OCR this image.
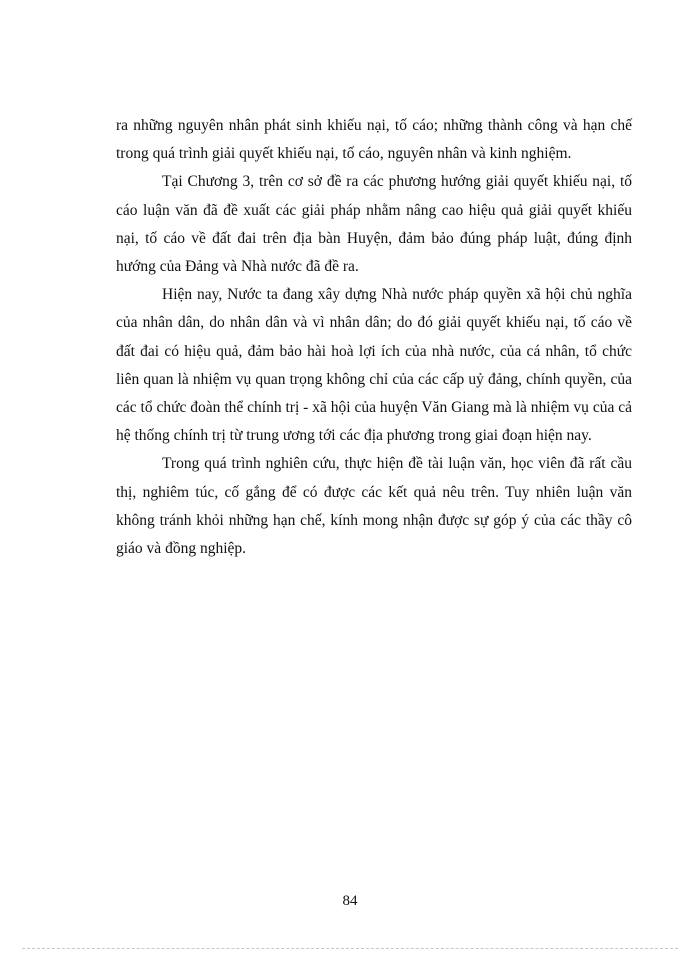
ra những nguyên nhân phát sinh khiếu nại, tố cáo; những thành công và hạn chế trong quá trình giải quyết khiếu nại, tố cáo, nguyên nhân và kinh nghiệm.

Tại Chương 3, trên cơ sở đề ra các phương hướng giải quyết khiếu nại, tố cáo luận văn đã đề xuất các giải pháp nhằm nâng cao hiệu quả giải quyết khiếu nại, tố cáo về đất đai trên địa bàn Huyện, đảm bảo đúng pháp luật, đúng định hướng của Đảng và Nhà nước đã đề ra.

Hiện nay, Nước ta đang xây dựng Nhà nước pháp quyền xã hội chủ nghĩa của nhân dân, do nhân dân và vì nhân dân; do đó giải quyết khiếu nại, tố cáo về đất đai có hiệu quả, đảm bảo hài hoà lợi ích của nhà nước, của cá nhân, tổ chức liên quan là nhiệm vụ quan trọng không chỉ của các cấp uỷ đảng, chính quyền, của các tổ chức đoàn thể chính trị - xã hội của huyện Văn Giang mà là nhiệm vụ của cả hệ thống chính trị từ trung ương tới các địa phương trong giai đoạn hiện nay.

Trong quá trình nghiên cứu, thực hiện đề tài luận văn, học viên đã rất cầu thị, nghiêm túc, cố gắng để có được các kết quả nêu trên. Tuy nhiên luận văn không tránh khỏi những hạn chế, kính mong nhận được sự góp ý của các thầy cô giáo và đồng nghiệp.

84
